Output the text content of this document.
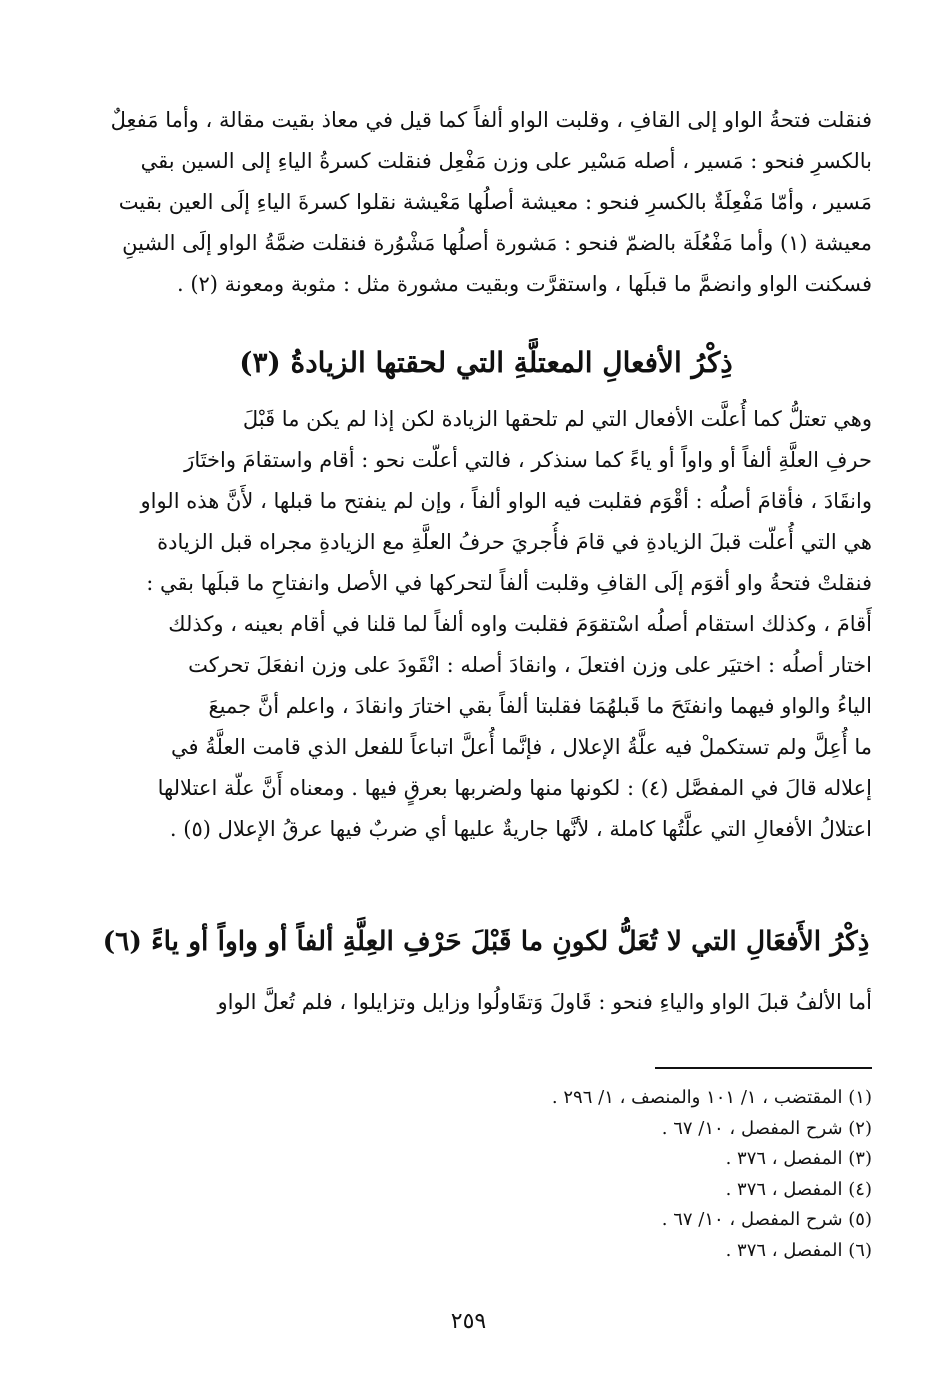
فنقلت فتحةُ الواو إلى القافِ ، وقلبت الواو ألفاً كما قيل في معاذ بقيت مقالة ، وأما مَفعِلٌ
بالكسرِ فنحو : مَسير ، أصله مَسْير على وزن مَفْعِل فنقلت كسرةُ الياءِ إلى السين بقي
مَسير ، وأمّا مَفْعِلَةٌ بالكسرِ فنحو : معيشة أصلُها مَعْيشة نقلوا كسرةَ الياءِ إلَى العين بقيت
معيشة (١) وأما مَفْعُلَة بالضمّ فنحو : مَشورة أصلُها مَشْوُرة فنقلت ضمَّةُ الواو إلَى الشينِ
فسكنت الواو وانضمَّ ما قبلَها ، واستقرَّت وبقيت مشورة مثل : مثوبة ومعونة (٢) .
ذِكْرُ الأفعالِ المعتلَّةِ التي لحقتها الزيادةُ (٣)
وهي تعتلُّ كما أُعلَّت الأفعال التي لم تلحقها الزيادة لكن إذا لم يكن ما قَبْلَ
حرفِ العلَّةِ ألفاً أو واواً أو ياءً كما سنذكر ، فالتي أعلّت نحو : أقام واستقامَ واختَارَ
وانقَادَ ، فأقامَ أصلُه : أقْوَم فقلبت فيه الواو ألفاً ، وإن لم ينفتح ما قبلها ، لأَنَّ هذه الواو
هي التي أُعلّت قبلَ الزيادةِ في قامَ فأُجريَ حرفُ العلَّةِ مع الزيادةِ مجراه قبل الزيادة
فنقلتْ فتحةُ واو أقوَم إلَى القافِ وقلبت ألفاً لتحركها في الأصل وانفتاحِ ما قبلَها بقي :
أَقامَ ، وكذلك استقام أصلُه اسْتقوَمَ فقلبت واوه ألفاً لما قلنا في أقام بعينه ، وكذلك
اختار أصلُه : اختيَر على وزن افتعلَ ، وانقادَ أصله : انْقَودَ على وزن انفعَلَ تحركت
الياءُ والواو فيهما وانفتَحَ ما قَبلهُمَا فقلبتا ألفاً بقي اختارَ وانقادَ ، واعلم أنَّ جميعَ
ما أُعِلَّ ولم تستكملْ فيه علَّةُ الإعلال ، فإنَّما أُعلَّ اتباعاً للفعل الذي قامت العلَّةُ في
إعلاله قالَ في المفصَّل (٤) : لكونها منها ولضربها بعرقٍ فيها . ومعناه أَنَّ علّة اعتلالها
اعتلالُ الأفعالِ التي علَّتُها كاملة ، لأنَّها جاريةٌ عليها أي ضربٌ فيها عرقُ الإعلال (٥) .
ذِكْرُ الأَفعَالِ التي لا تُعَلُّ لكونِ ما قَبْلَ حَرْفِ العِلَّةِ ألفاً أو واواً أو ياءً (٦)
أما الألفُ قبلَ الواو والياءِ فنحو : قَاولَ وَتقَاولُوا وزايل وتزايلوا ، فلم تُعلَّ الواو
(١) المقتضب ، ١/ ١٠١ والمنصف ، ١/ ٢٩٦ .
(٢) شرح المفصل ، ١٠/ ٦٧ .
(٣) المفصل ، ٣٧٦ .
(٤) المفصل ، ٣٧٦ .
(٥) شرح المفصل ، ١٠/ ٦٧ .
(٦) المفصل ، ٣٧٦ .
٢٥٩
